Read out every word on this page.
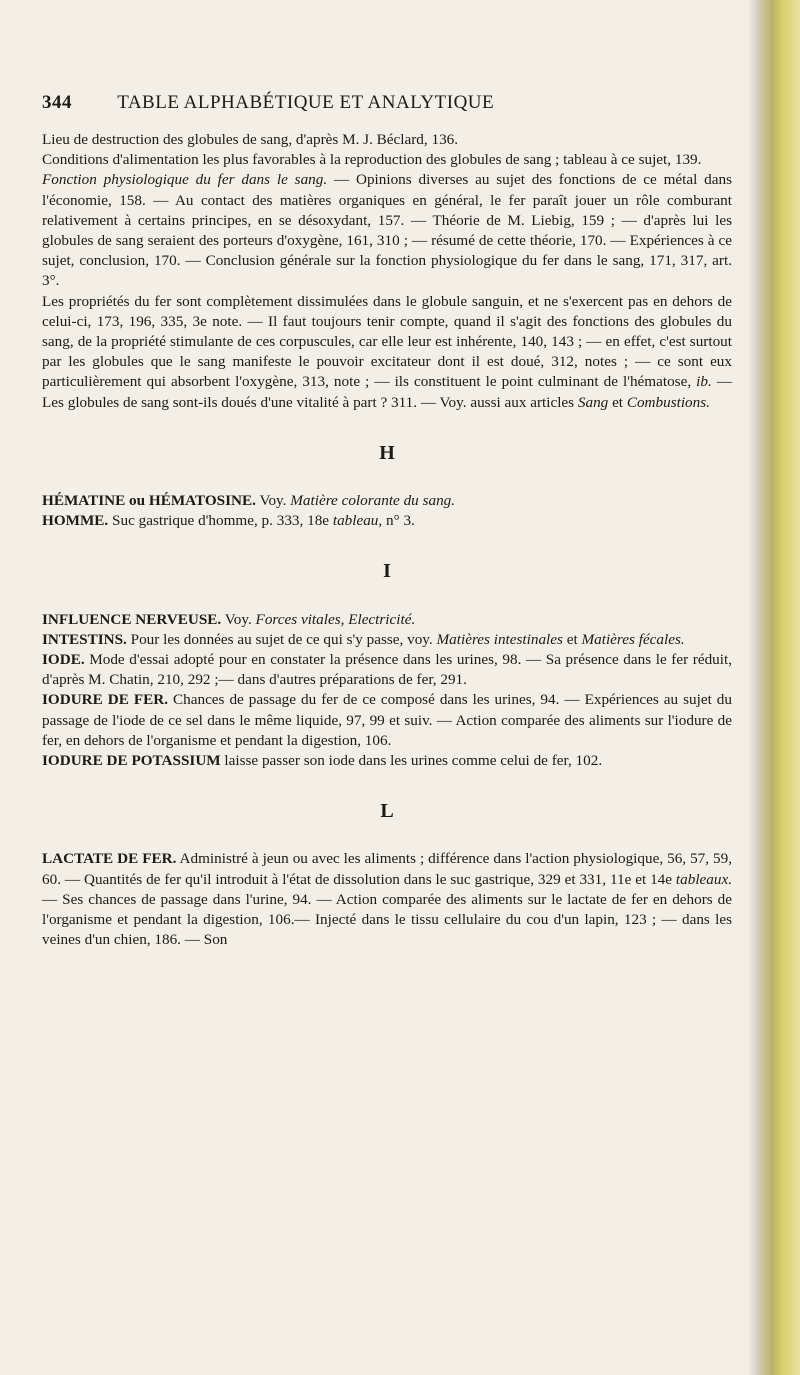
344 TABLE ALPHABÉTIQUE ET ANALYTIQUE

Lieu de destruction des globules de sang, d'après M. J. Béclard, 136.

Conditions d'alimentation les plus favorables à la reproduction des globules de sang ; tableau à ce sujet, 139.

Fonction physiologique du fer dans le sang. — Opinions diverses au sujet des fonctions de ce métal dans l'économie, 158. — Au contact des matières organiques en général, le fer paraît jouer un rôle comburant relativement à certains principes, en se désoxydant, 157. — Théorie de M. Liebig, 159 ; — d'après lui les globules de sang seraient des porteurs d'oxygène, 161, 310 ; — résumé de cette théorie, 170. — Expériences à ce sujet, conclusion, 170. — Conclusion générale sur la fonction physiologique du fer dans le sang, 171, 317, art. 3°.

Les propriétés du fer sont complètement dissimulées dans le globule sanguin, et ne s'exercent pas en dehors de celui-ci, 173, 196, 335, 3e note. — Il faut toujours tenir compte, quand il s'agit des fonctions des globules du sang, de la propriété stimulante de ces corpuscules, car elle leur est inhérente, 140, 143 ; — en effet, c'est surtout par les globules que le sang manifeste le pouvoir excitateur dont il est doué, 312, notes ; — ce sont eux particulièrement qui absorbent l'oxygène, 313, note ; — ils constituent le point culminant de l'hématose, ib. — Les globules de sang sont-ils doués d'une vitalité à part ? 311. — Voy. aussi aux articles Sang et Combustions.

H

HÉMATINE ou HÉMATOSINE. Voy. Matière colorante du sang.

HOMME. Suc gastrique d'homme, p. 333, 18e tableau, n° 3.

I

INFLUENCE NERVEUSE. Voy. Forces vitales, Electricité.

INTESTINS. Pour les données au sujet de ce qui s'y passe, voy. Matières intestinales et Matières fécales.

IODE. Mode d'essai adopté pour en constater la présence dans les urines, 98. — Sa présence dans le fer réduit, d'après M. Chatin, 210, 292 ;— dans d'autres préparations de fer, 291.

IODURE DE FER. Chances de passage du fer de ce composé dans les urines, 94. — Expériences au sujet du passage de l'iode de ce sel dans le même liquide, 97, 99 et suiv. — Action comparée des aliments sur l'iodure de fer, en dehors de l'organisme et pendant la digestion, 106.

IODURE DE POTASSIUM laisse passer son iode dans les urines comme celui de fer, 102.

L

LACTATE DE FER. Administré à jeun ou avec les aliments ; différence dans l'action physiologique, 56, 57, 59, 60. — Quantités de fer qu'il introduit à l'état de dissolution dans le suc gastrique, 329 et 331, 11e et 14e tableaux. — Ses chances de passage dans l'urine, 94. — Action comparée des aliments sur le lactate de fer en dehors de l'organisme et pendant la digestion, 106.— Injecté dans le tissu cellulaire du cou d'un lapin, 123 ; — dans les veines d'un chien, 186. — Son
